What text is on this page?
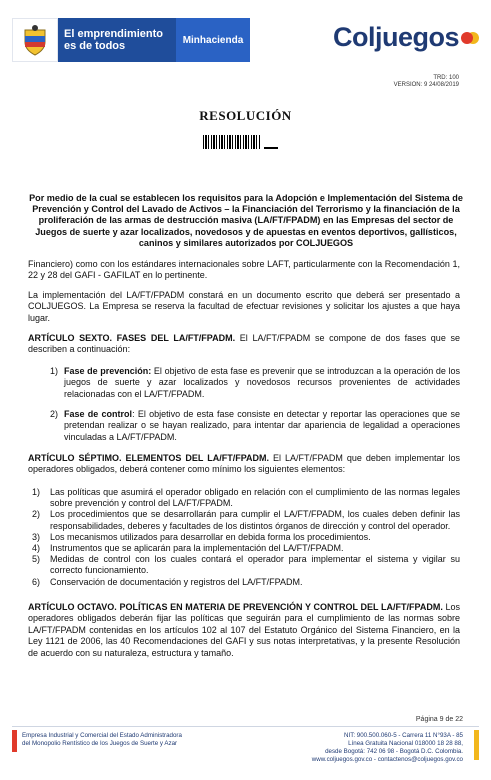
El emprendimiento es de todos	Minhacienda	Coljuegos
TRD: 100
VERSION: 9 24/08/2019
RESOLUCIÓN
Por medio de la cual se establecen los requisitos para la Adopción e Implementación del Sistema de Prevención y Control del Lavado de Activos – la Financiación del Terrorismo y la financiación de la proliferación de las armas de destrucción masiva (LA/FT/FPADM) en las Empresas del sector de Juegos de suerte y azar localizados, novedosos y de apuestas en eventos deportivos, gallísticos, caninos y similares autorizados por COLJUEGOS
Financiero) como con los estándares internacionales sobre LAFT, particularmente con la Recomendación 1, 22 y 28 del GAFI - GAFILAT en lo pertinente.
La implementación del LA/FT/FPADM constará en un documento escrito que deberá ser presentado a COLJUEGOS. La Empresa se reserva la facultad de efectuar revisiones y solicitar los ajustes a que haya lugar.
ARTÍCULO SEXTO. FASES DEL LA/FT/FPADM. El LA/FT/FPADM se compone de dos fases que se describen a continuación:
1) Fase de prevención: El objetivo de esta fase es prevenir que se introduzcan a la operación de los juegos de suerte y azar localizados y novedosos recursos provenientes de actividades relacionadas con el LA/FT/FPADM.
2) Fase de control: El objetivo de esta fase consiste en detectar y reportar las operaciones que se pretendan realizar o se hayan realizado, para intentar dar apariencia de legalidad a operaciones vinculadas a LA/FT/FPADM.
ARTÍCULO SÉPTIMO. ELEMENTOS DEL LA/FT/FPADM. El LA/FT/FPADM que deben implementar los operadores obligados, deberá contener como mínimo los siguientes elementos:
1)	Las políticas que asumirá el operador obligado en relación con el cumplimiento de las normas legales sobre prevención y control del LA/FT/FPADM.
2)	Los procedimientos que se desarrollarán para cumplir el LA/FT/FPADM, los cuales deben definir las responsabilidades, deberes y facultades de los distintos órganos de dirección y control del operador.
3)	Los mecanismos utilizados para desarrollar en debida forma los procedimientos.
4)	Instrumentos que se aplicarán para la implementación del LA/FT/FPADM.
5)	Medidas de control con los cuales contará el operador para implementar el sistema y vigilar su correcto funcionamiento.
6)	Conservación de documentación y registros del LA/FT/FPADM.
ARTÍCULO OCTAVO. POLÍTICAS EN MATERIA DE PREVENCIÓN Y CONTROL DEL LA/FT/FPADM. Los operadores obligados deberán fijar las políticas que seguirán para el cumplimiento de las normas sobre LA/FT/FPADM contenidas en los artículos 102 al 107 del Estatuto Orgánico del Sistema Financiero, en la Ley 1121 de 2006, las 40 Recomendaciones del GAFI y sus notas interpretativas, y la presente Resolución de acuerdo con su naturaleza, estructura y tamaño.
Página 9 de 22
Empresa Industrial y Comercial del Estado Administradora
del Monopolio Rentístico de los Juegos de Suerte y Azar
NIT: 900.500.060-5 - Carrera 11 N°93A - 85
Línea Gratuita Nacional 018000 18 28 88,
desde Bogotá: 742 06 98 - Bogotá D.C. Colombia.
www.coljuegos.gov.co - contactenos@coljuegos.gov.co
